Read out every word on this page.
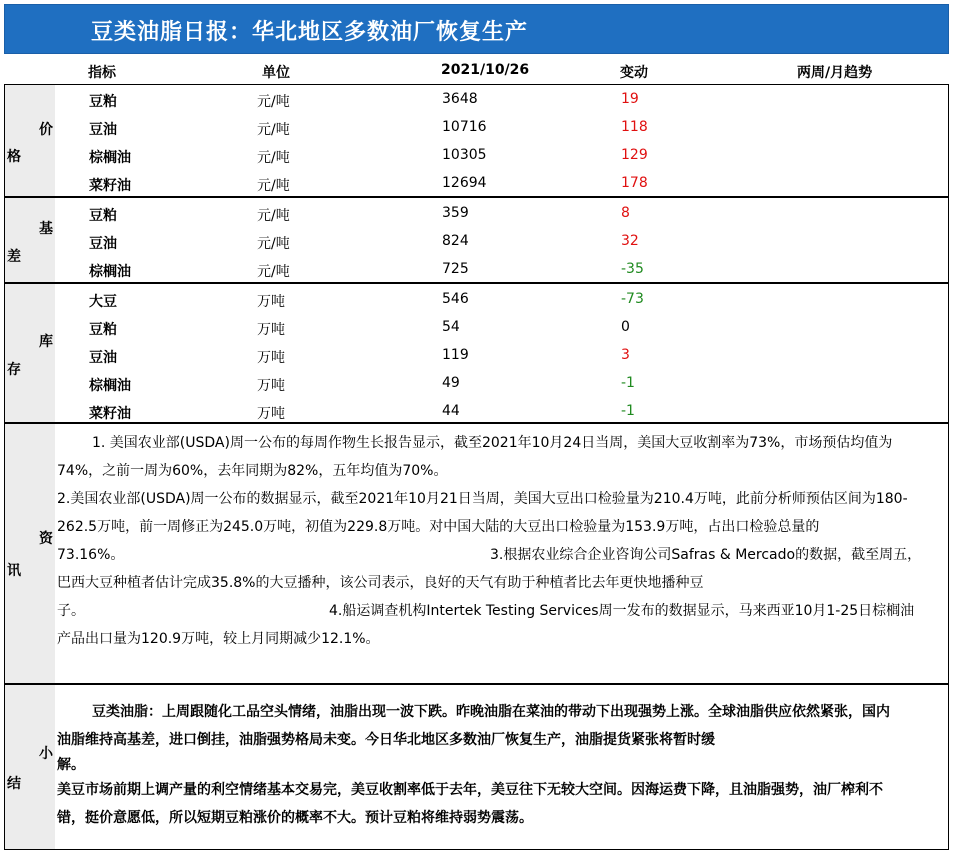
豆类油脂日报：华北地区多数油厂恢复生产
指标	单位	2021/10/26	变动	两周/月趋势
价
格
豆粕	元/吨	3648	19
豆油	元/吨	10716	118
棕榈油	元/吨	10305	129
菜籽油	元/吨	12694	178
基
差
豆粕	元/吨	359	8
豆油	元/吨	824	32
棕榈油	元/吨	725	-35
库
存
大豆	万吨	546	-73
豆粕	万吨	54	0
豆油	万吨	119	3
棕榈油	万吨	49	-1
菜籽油	万吨	44	-1
资
讯
1. 美国农业部(USDA)周一公布的每周作物生长报告显示，截至2021年10月24日当周，美国大豆收割率为73%，市场预估均值为
74%，之前一周为60%，去年同期为82%，五年均值为70%。
2.美国农业部(USDA)周一公布的数据显示，截至2021年10月21日当周，美国大豆出口检验量为210.4万吨，此前分析师预估区间为180-
262.5万吨，前一周修正为245.0万吨，初值为229.8万吨。对中国大陆的大豆出口检验量为153.9万吨，占出口检验总量的
73.16%。	3.根据农业综合企业咨询公司Safras & Mercado的数据，截至周五，
巴西大豆种植者估计完成35.8%的大豆播种，该公司表示，良好的天气有助于种植者比去年更快地播种豆
子。	4.船运调查机构Intertek Testing Services周一发布的数据显示，马来西亚10月1-25日棕榈油
产品出口量为120.9万吨，较上月同期减少12.1%。
小
结
豆类油脂：上周跟随化工品空头情绪，油脂出现一波下跌。昨晚油脂在菜油的带动下出现强势上涨。全球油脂供应依然紧张，国内
油脂维持高基差，进口倒挂，油脂强势格局未变。今日华北地区多数油厂恢复生产，油脂提货紧张将暂时缓
解。
美豆市场前期上调产量的利空情绪基本交易完，美豆收割率低于去年，美豆往下无较大空间。因海运费下降，且油脂强势，油厂榨利不
错，挺价意愿低，所以短期豆粕涨价的概率不大。预计豆粕将维持弱势震荡。
